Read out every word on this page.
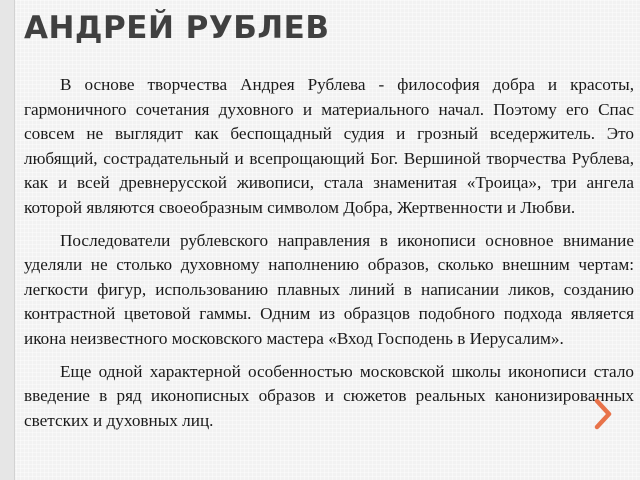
АНДРЕЙ РУБЛЕВ

В основе творчества Андрея Рублева - философия добра и красоты, гармоничного сочетания духовного и материального начал. Поэтому его Спас совсем не выглядит как беспощадный судия и грозный вседержитель. Это любящий, сострадательный и всепрощающий Бог. Вершиной творчества Рублева, как и всей древнерусской живописи, стала знаменитая «Троица», три ангела которой являются своеобразным символом Добра, Жертвенности и Любви.

Последователи рублевского направления в иконописи основное внимание уделяли не столько духовному наполнению образов, сколько внешним чертам: легкости фигур, использованию плавных линий в написании ликов, созданию контрастной цветовой гаммы. Одним из образцов подобного подхода является икона неизвестного московского мастера «Вход Господень в Иерусалим».

Еще одной характерной особенностью московской школы иконописи стало введение в ряд иконописных образов и сюжетов реальных канонизированных светских и духовных лиц.
